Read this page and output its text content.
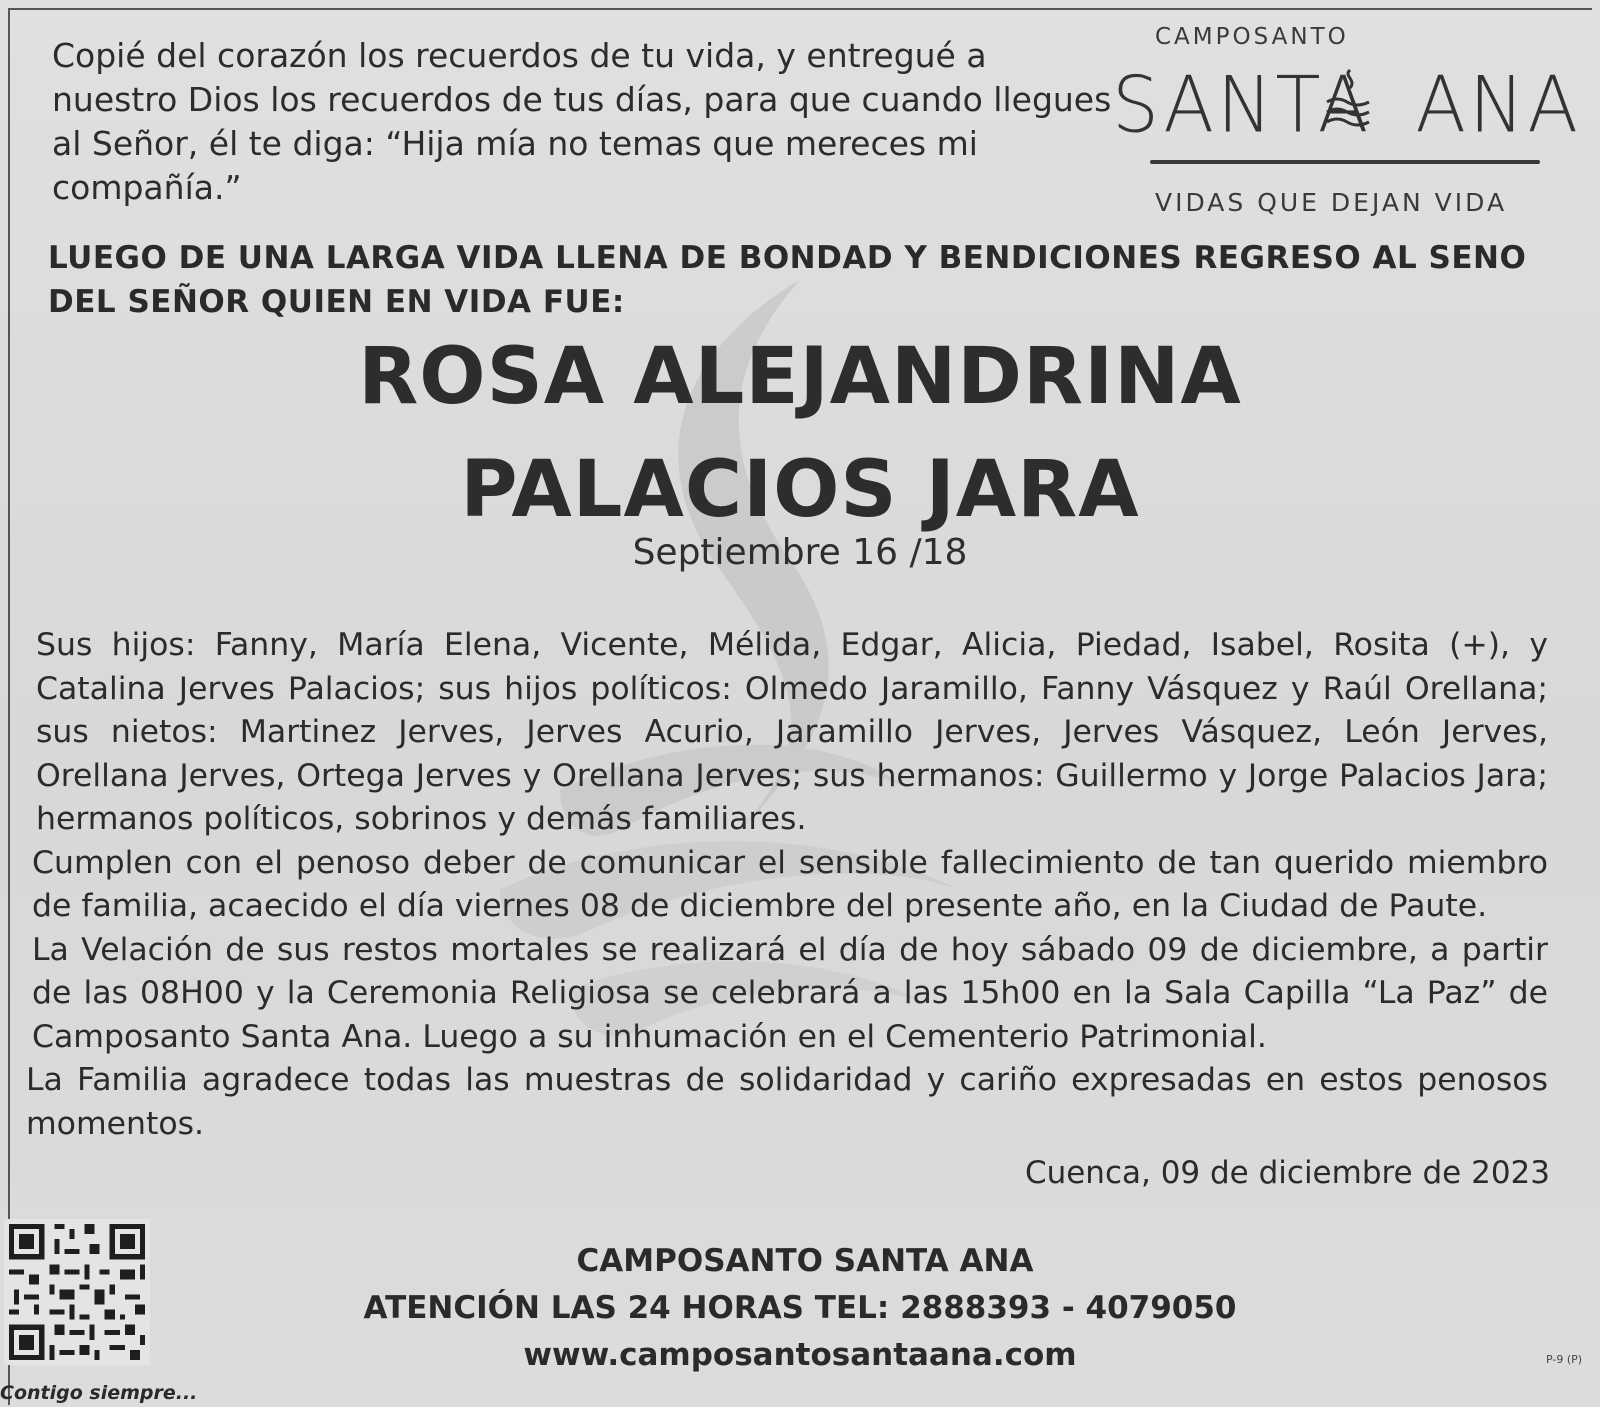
Copié del corazón los recuerdos de tu vida, y entregué a nuestro Dios los recuerdos de tus días, para que cuando llegues al Señor, él te diga: “Hija mía no temas que mereces mi compañía.”
CAMPOSANTO
SANTA ANA
VIDAS QUE DEJAN VIDA
LUEGO DE UNA LARGA VIDA LLENA DE BONDAD Y BENDICIONES REGRESO AL SENO DEL SEÑOR QUIEN EN VIDA FUE:
ROSA ALEJANDRINA
PALACIOS JARA
Septiembre 16 /18

Sus hijos: Fanny, María Elena, Vicente, Mélida, Edgar, Alicia, Piedad, Isabel, Rosita (+), y Catalina Jerves Palacios; sus hijos políticos: Olmedo Jaramillo, Fanny Vásquez y Raúl Orellana; sus nietos: Martinez Jerves, Jerves Acurio, Jaramillo Jerves, Jerves Vásquez, León Jerves, Orellana Jerves, Ortega Jerves y Orellana Jerves; sus hermanos: Guillermo y Jorge Palacios Jara; hermanos políticos, sobrinos y demás familiares.

Cumplen con el penoso deber de comunicar el sensible fallecimiento de tan querido miembro de familia, acaecido el día viernes 08 de diciembre del presente año, en la Ciudad de Paute.

La Velación de sus restos mortales se realizará el día de hoy sábado 09 de diciembre, a partir de las 08H00 y la Ceremonia Religiosa se celebrará a las 15h00 en la Sala Capilla “La Paz” de Camposanto Santa Ana. Luego a su inhumación en el Cementerio Patrimonial.

La Familia agradece todas las muestras de solidaridad y cariño expresadas en estos penosos momentos.

Cuenca, 09 de diciembre de 2023
Contigo siempre...
CAMPOSANTO SANTA ANA
ATENCIÓN LAS 24 HORAS TEL: 2888393 - 4079050
www.camposantosantaana.com	P-9 (P)
